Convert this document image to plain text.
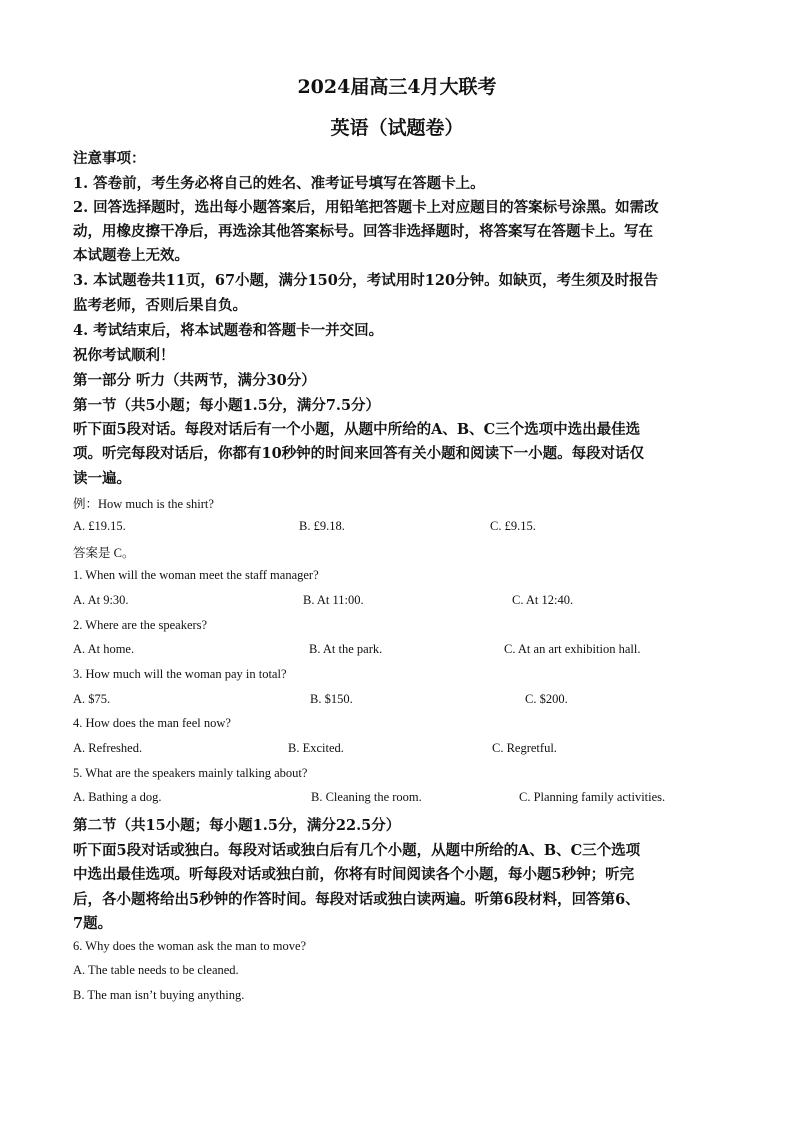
2024届高三4月大联考
英语（试题卷）
注意事项：
1. 答卷前，考生务必将自己的姓名、准考证号填写在答题卡上。
2. 回答选择题时，选出每小题答案后，用铅笔把答题卡上对应题目的答案标号涂黑。如需改
动，用橡皮擦干净后，再选涂其他答案标号。回答非选择题时，将答案写在答题卡上。写在
本试题卷上无效。
3. 本试题卷共11页，67小题，满分150分，考试用时120分钟。如缺页，考生须及时报告
监考老师，否则后果自负。
4. 考试结束后，将本试题卷和答题卡一并交回。
祝你考试顺利！
第一部分 听力（共两节，满分30分）
第一节（共5小题；每小题1.5分，满分7.5分）
听下面5段对话。每段对话后有一个小题，从题中所给的A、B、C三个选项中选出最佳选
项。听完每段对话后，你都有10秒钟的时间来回答有关小题和阅读下一小题。每段对话仅
读一遍。
例：How much is the shirt?
A. £19.15.	B. £9.18.	C. £9.15.
答案是 C。
1. When will the woman meet the staff manager?
A. At 9:30.	B. At 11:00.	C. At 12:40.
2. Where are the speakers?
A. At home.	B. At the park.	C. At an art exhibition hall.
3. How much will the woman pay in total?
A. $75.	B. $150.	C. $200.
4. How does the man feel now?
A. Refreshed.	B. Excited.	C. Regretful.
5. What are the speakers mainly talking about?
A. Bathing a dog.	B. Cleaning the room.	C. Planning family activities.
第二节（共15小题；每小题1.5分，满分22.5分）
听下面5段对话或独白。每段对话或独白后有几个小题，从题中所给的A、B、C三个选项
中选出最佳选项。听每段对话或独白前，你将有时间阅读各个小题，每小题5秒钟；听完
后，各小题将给出5秒钟的作答时间。每段对话或独白读两遍。听第6段材料，回答第6、
7题。
6. Why does the woman ask the man to move?
A. The table needs to be cleaned.
B. The man isn’t buying anything.
